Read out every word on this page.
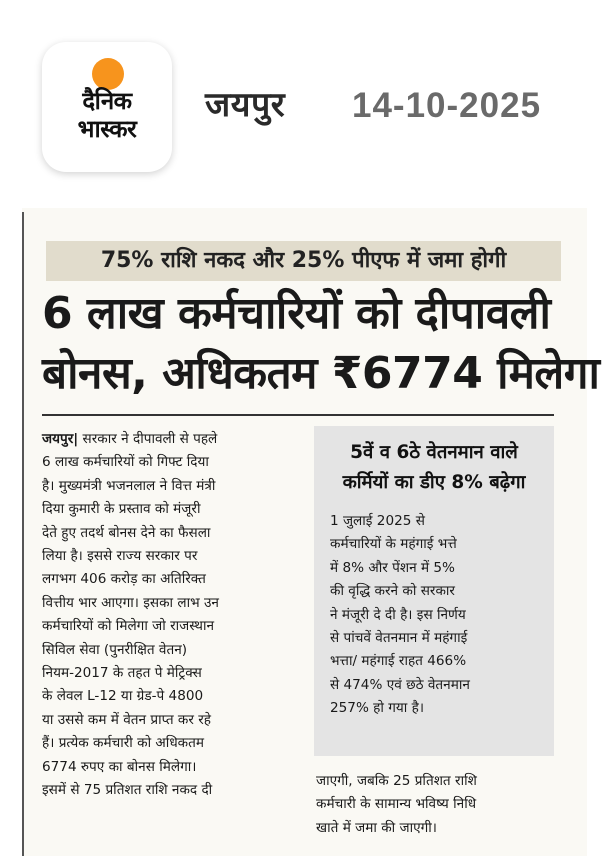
दैनिक
भास्कर
जयपुर 14-10-2025
75% राशि नकद और 25% पीएफ में जमा होगी
6 लाख कर्मचारियों को दीपावली
बोनस, अधिकतम ₹6774 मिलेगा
जयपुर| सरकार ने दीपावली से पहले
6 लाख कर्मचारियों को गिफ्ट दिया
है। मुख्यमंत्री भजनलाल ने वित्त मंत्री
दिया कुमारी के प्रस्ताव को मंजूरी
देते हुए तदर्थ बोनस देने का फैसला
लिया है। इससे राज्य सरकार पर
लगभग 406 करोड़ का अतिरिक्त
वित्तीय भार आएगा। इसका लाभ उन
कर्मचारियों को मिलेगा जो राजस्थान
सिविल सेवा (पुनरीक्षित वेतन)
नियम-2017 के तहत पे मेट्रिक्स
के लेवल L-12 या ग्रेड-पे 4800
या उससे कम में वेतन प्राप्त कर रहे
हैं। प्रत्येक कर्मचारी को अधिकतम
6774 रुपए का बोनस मिलेगा।
इसमें से 75 प्रतिशत राशि नकद दी
5वें व 6ठे वेतनमान वाले
कर्मियों का डीए 8% बढ़ेगा
1 जुलाई 2025 से
कर्मचारियों के महंगाई भत्ते
में 8% और पेंशन में 5%
की वृद्धि करने को सरकार
ने मंजूरी दे दी है। इस निर्णय
से पांचवें वेतनमान में महंगाई
भत्ता/ महंगाई राहत 466%
से 474% एवं छठे वेतनमान
257% हो गया है।
जाएगी, जबकि 25 प्रतिशत राशि
कर्मचारी के सामान्य भविष्य निधि
खाते में जमा की जाएगी।
